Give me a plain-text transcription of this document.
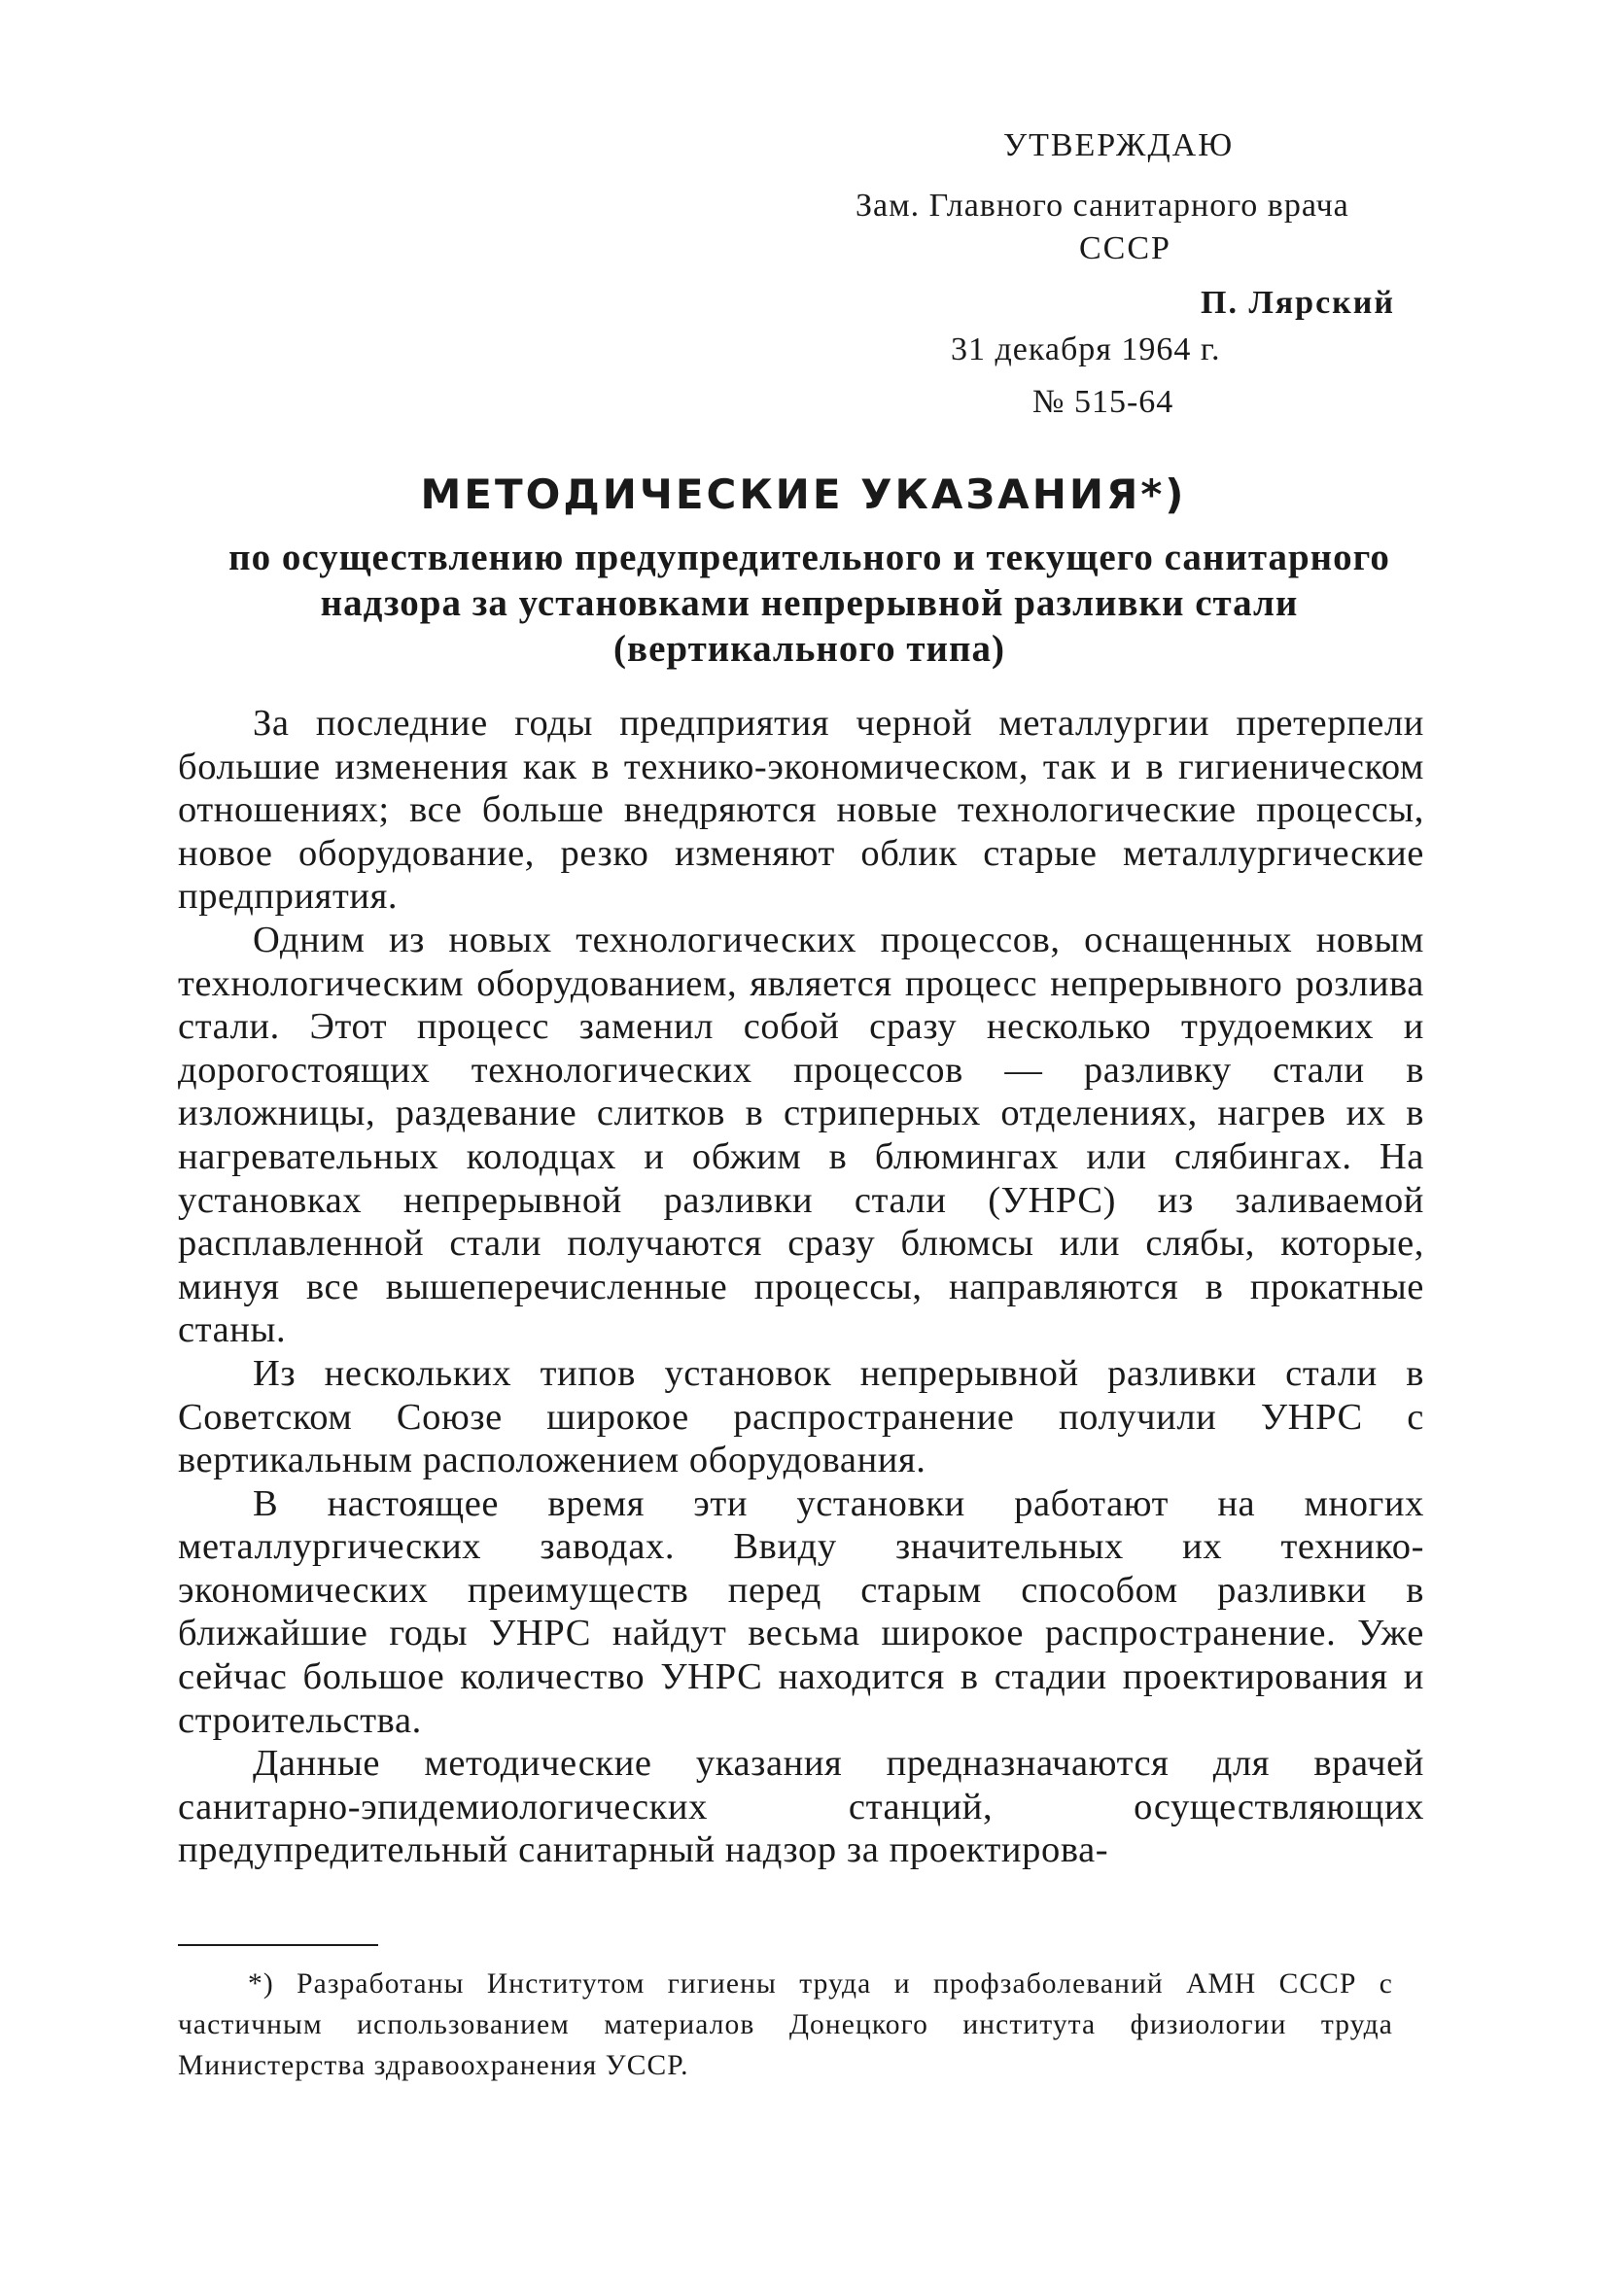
УТВЕРЖДАЮ
Зам. Главного санитарного врача
СССР
П. Лярский
31 декабря 1964 г.
№ 515-64
МЕТОДИЧЕСКИЕ УКАЗАНИЯ*)
по осуществлению предупредительного и текущего санитарного надзора за установками непрерывной разливки стали (вертикального типа)

За последние годы предприятия черной металлургии претерпели большие изменения как в технико-экономическом, так и в гигиеническом отношениях; все больше внедряются новые технологические процессы, новое оборудование, резко изменяют облик старые металлургические предприятия.

Одним из новых технологических процессов, оснащенных новым технологическим оборудованием, является процесс непрерывного розлива стали. Этот процесс заменил собой сразу несколько трудоемких и дорогостоящих технологических процессов — разливку стали в изложницы, раздевание слитков в стриперных отделениях, нагрев их в нагревательных колодцах и обжим в блюмингах или слябингах. На установках непрерывной разливки стали (УНРС) из заливаемой расплавленной стали получаются сразу блюмсы или слябы, которые, минуя все вышеперечисленные процессы, направляются в прокатные станы.

Из нескольких типов установок непрерывной разливки стали в Советском Союзе широкое распространение получили УНРС с вертикальным расположением оборудования.

В настоящее время эти установки работают на многих металлургических заводах. Ввиду значительных их технико-экономических преимуществ перед старым способом разливки в ближайшие годы УНРС найдут весьма широкое распространение. Уже сейчас большое количество УНРС находится в стадии проектирования и строительства.

Данные методические указания предназначаются для врачей санитарно-эпидемиологических станций, осуществляющих предупредительный санитарный надзор за проектирова-

*) Разработаны Институтом гигиены труда и профзаболеваний АМН СССР с частичным использованием материалов Донецкого института физиологии труда Министерства здравоохранения УССР.
